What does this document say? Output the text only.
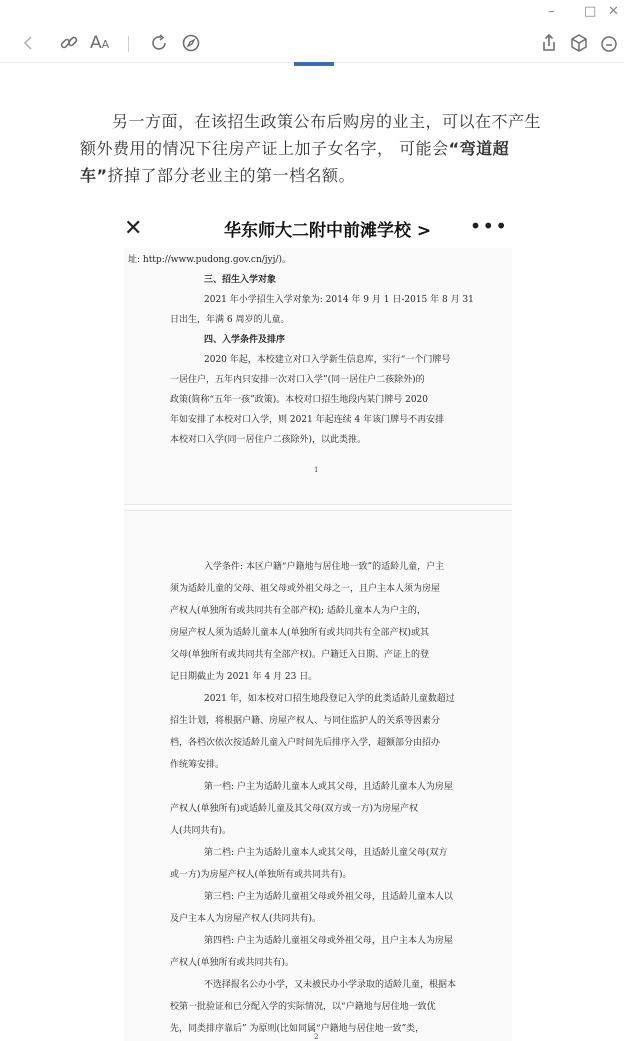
– □ ✕
AA

另一方面，在该招生政策公布后购房的业主，可以在不产生额外费用的情况下往房产证上加子女名字， 可能会“弯道超车”挤掉了部分老业主的第一档名额。

✕	华东师大二附中前滩学校 > •••
址: http://www.pudong.gov.cn/jyj/)。
三、招生入学对象
2021 年小学招生入学对象为: 2014 年 9 月 1 日-2015 年 8 月 31
日出生，年满 6 周岁的儿童。
四、入学条件及排序
2020 年起，本校建立对口入学新生信息库，实行“一个门牌号
一居住户，五年内只安排一次对口入学”(同一居住户二孩除外)的
政策(简称“五年一孩”政策)。本校对口招生地段内某门牌号 2020
年如安排了本校对口入学，则 2021 年起连续 4 年该门牌号不再安排
本校对口入学(同一居住户二孩除外)，以此类推。
1
入学条件: 本区户籍“户籍地与居住地一致”的适龄儿童，户主
须为适龄儿童的父母、祖父母或外祖父母之一，且户主本人须为房屋
产权人(单独所有或共同共有全部产权); 适龄儿童本人为户主的，
房屋产权人须为适龄儿童本人(单独所有或共同共有全部产权)或其
父母(单独所有或共同共有全部产权)。户籍迁入日期、产证上的登
记日期截止为 2021 年 4 月 23 日。
2021 年，如本校对口招生地段登记入学的此类适龄儿童数超过
招生计划，将根据户籍、房屋产权人、与同住监护人的关系等因素分
档，各档次依次按适龄儿童入户时间先后排序入学，超额部分由招办
作统筹安排。
第一档: 户主为适龄儿童本人或其父母，且适龄儿童本人为房屋
产权人(单独所有)或适龄儿童及其父母(双方或一方)为房屋产权
人(共同共有)。
第二档: 户主为适龄儿童本人或其父母，且适龄儿童父母(双方
或一方)为房屋产权人(单独所有或共同共有)。
第三档: 户主为适龄儿童祖父母或外祖父母，且适龄儿童本人以
及户主本人为房屋产权人(共同共有)。
第四档: 户主为适龄儿童祖父母或外祖父母，且户主本人为房屋
产权人(单独所有或共同共有)。
不选择报名公办小学，又未被民办小学录取的适龄儿童，根据本
校第一批验证和已分配入学的实际情况，以“户籍地与居住地一致优
先，同类排序靠后” 为原则(比如同属“户籍地与居住地一致”类，
2
